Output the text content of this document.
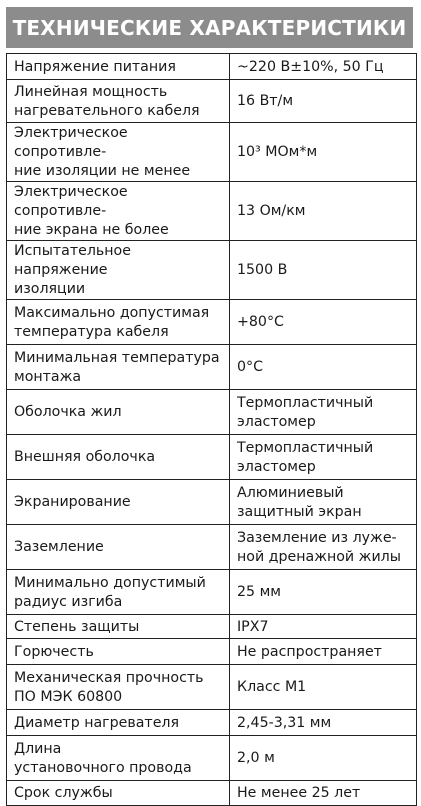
ТЕХНИЧЕСКИЕ ХАРАКТЕРИСТИКИ
Напряжение питания	~220 В±10%, 50 Гц
Линейная мощность
нагревательного кабеля	16 Вт/м
Электрическое сопротивле-
ние изоляции не менее	10³ МОм*м
Электрическое сопротивле-
ние экрана не более	13 Ом/км
Испытательное напряжение
изоляции	1500 В
Максимально допустимая
температура кабеля	+80°С
Минимальная температура
монтажа	0°С
Оболочка жил	Термопластичный
эластомер
Внешняя оболочка	Термопластичный
эластомер
Экранирование	Алюминиевый
защитный экран
Заземление	Заземление из луже-
ной дренажной жилы
Минимально допустимый
радиус изгиба	25 мм
Степень защиты	IPX7
Горючесть	Не распространяет
Механическая прочность
ПО МЭК 60800	Класс М1
Диаметр нагревателя	2,45-3,31 мм
Длина
установочного провода	2,0 м
Срок службы	Не менее 25 лет
